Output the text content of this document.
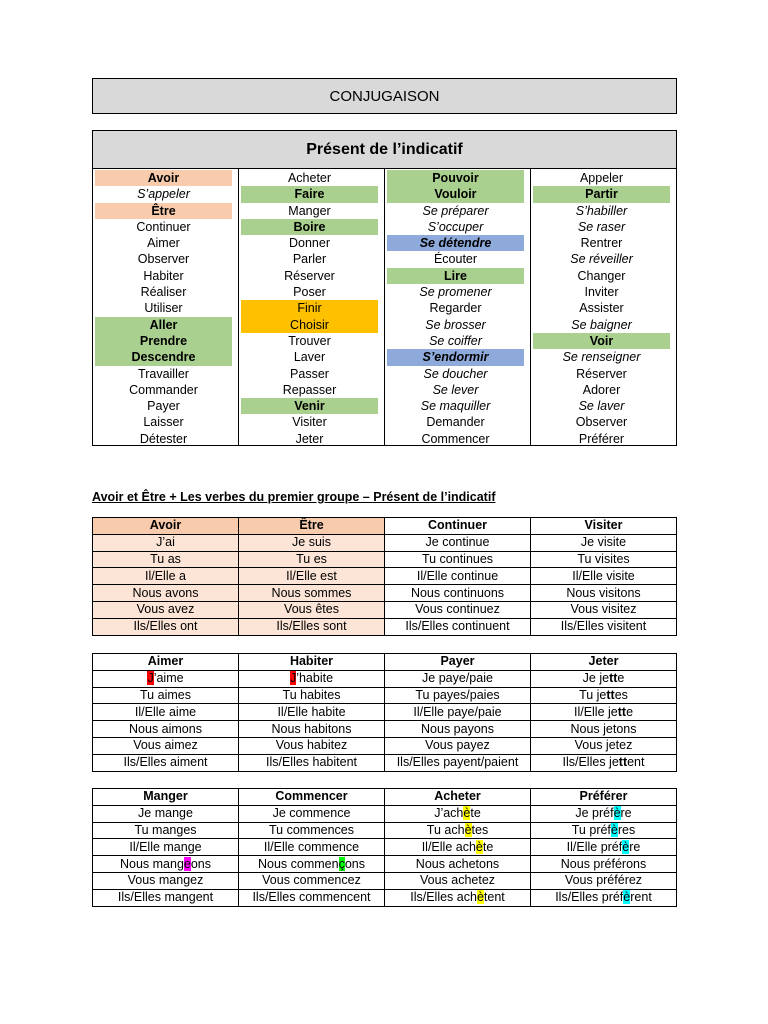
CONJUGAISON
Présent de l’indicatif
Avoir
S’appeler
Être
Continuer
Aimer
Observer
Habiter
Réaliser
Utiliser
Aller
Prendre
Descendre
Travailler
Commander
Payer
Laisser
Détester
Acheter
Faire
Manger
Boire
Donner
Parler
Réserver
Poser
Finir
Choisir
Trouver
Laver
Passer
Repasser
Venir
Visiter
Jeter
Pouvoir
Vouloir
Se préparer
S’occuper
Se détendre
Écouter
Lire
Se promener
Regarder
Se brosser
Se coiffer
S’endormir
Se doucher
Se lever
Se maquiller
Demander
Commencer
Appeler
Partir
S’habiller
Se raser
Rentrer
Se réveiller
Changer
Inviter
Assister
Se baigner
Voir
Se renseigner
Réserver
Adorer
Se laver
Observer
Préférer
Avoir et Être + Les verbes du premier groupe – Présent de l’indicatif
Avoir	Être	Continuer	Visiter
J’ai	Je suis	Je continue	Je visite
Tu as	Tu es	Tu continues	Tu visites
Il/Elle a	Il/Elle est	Il/Elle continue	Il/Elle visite
Nous avons	Nous sommes	Nous continuons	Nous visitons
Vous avez	Vous êtes	Vous continuez	Vous visitez
Ils/Elles ont	Ils/Elles sont	Ils/Elles continuent	Ils/Elles visitent
Aimer	Habiter	Payer	Jeter
J’aime	J’habite	Je paye/paie	Je jette
Tu aimes	Tu habites	Tu payes/paies	Tu jettes
Il/Elle aime	Il/Elle habite	Il/Elle paye/paie	Il/Elle jette
Nous aimons	Nous habitons	Nous payons	Nous jetons
Vous aimez	Vous habitez	Vous payez	Vous jetez
Ils/Elles aiment	Ils/Elles habitent	Ils/Elles payent/paient	Ils/Elles jettent
Manger	Commencer	Acheter	Préférer
Je mange	Je commence	J’achète	Je préfère
Tu manges	Tu commences	Tu achètes	Tu préfères
Il/Elle mange	Il/Elle commence	Il/Elle achète	Il/Elle préfère
Nous mangeons	Nous commençons	Nous achetons	Nous préférons
Vous mangez	Vous commencez	Vous achetez	Vous préférez
Ils/Elles mangent	Ils/Elles commencent	Ils/Elles achètent	Ils/Elles préfèrent
